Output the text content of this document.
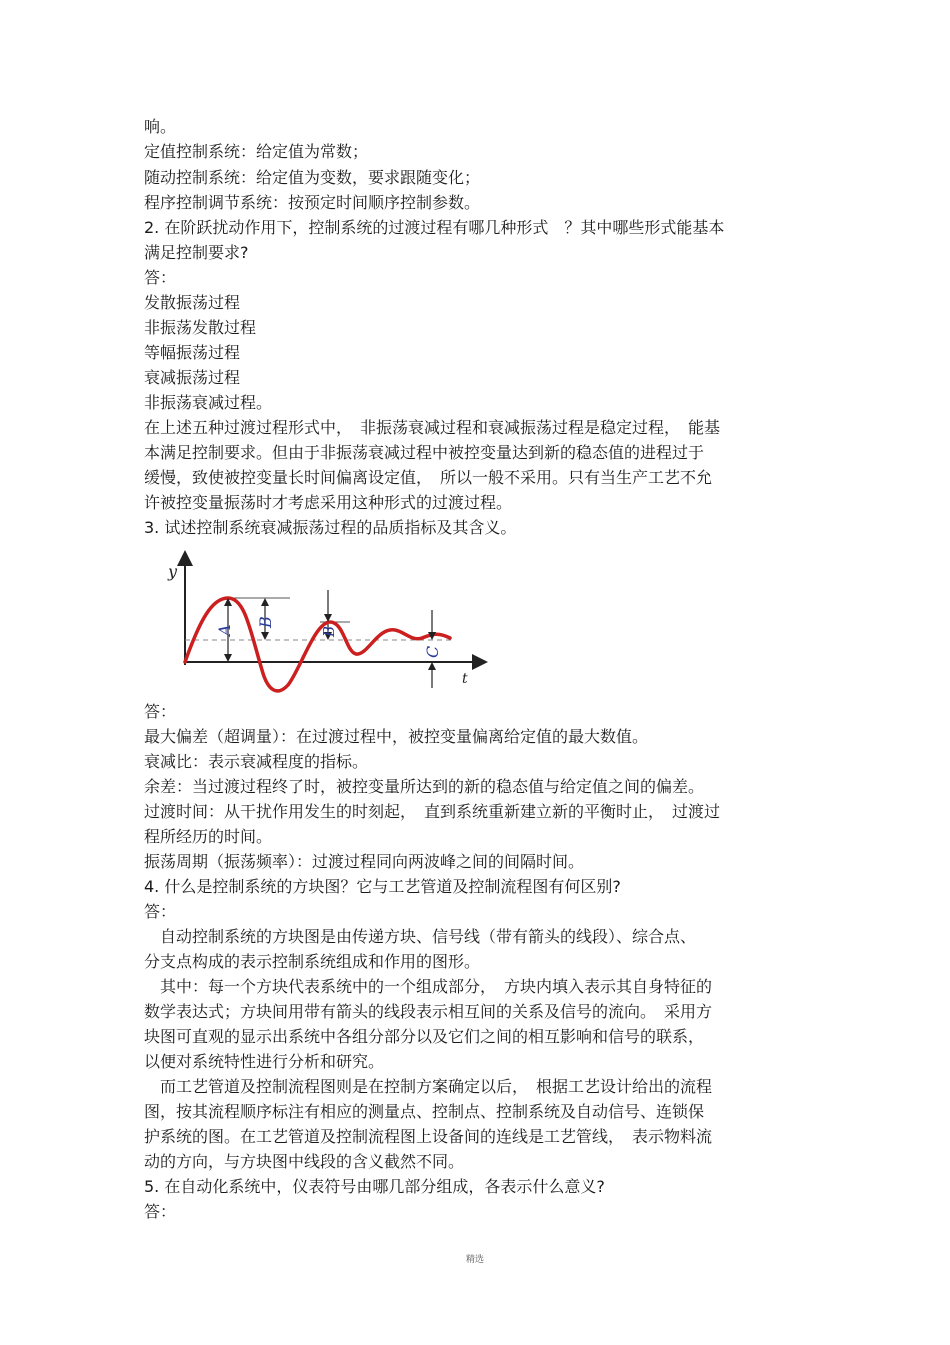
响。
定值控制系统：给定值为常数；
随动控制系统：给定值为变数，要求跟随变化；
程序控制调节系统：按预定时间顺序控制参数。
2. 在阶跃扰动作用下，控制系统的过渡过程有哪几种形式　？其中哪些形式能基本
满足控制要求?
答：
发散振荡过程
非振荡发散过程
等幅振荡过程
衰减振荡过程
非振荡衰减过程。
在上述五种过渡过程形式中，　非振荡衰减过程和衰减振荡过程是稳定过程，　能基
本满足控制要求。但由于非振荡衰减过程中被控变量达到新的稳态值的进程过于
缓慢，致使被控变量长时间偏离设定值，　所以一般不采用。只有当生产工艺不允
许被控变量振荡时才考虑采用这种形式的过渡过程。
3. 试述控制系统衰减振荡过程的品质指标及其含义。
y
t
A
B
B
C
答：
最大偏差（超调量）：在过渡过程中，被控变量偏离给定值的最大数值。
衰减比：表示衰减程度的指标。
余差：当过渡过程终了时，被控变量所达到的新的稳态值与给定值之间的偏差。
过渡时间：从干扰作用发生的时刻起，　直到系统重新建立新的平衡时止，　过渡过
程所经历的时间。
振荡周期（振荡频率）：过渡过程同向两波峰之间的间隔时间。
4. 什么是控制系统的方块图？它与工艺管道及控制流程图有何区别?
答：
自动控制系统的方块图是由传递方块、信号线（带有箭头的线段）、综合点、
分支点构成的表示控制系统组成和作用的图形。
其中：每一个方块代表系统中的一个组成部分，　方块内填入表示其自身特征的
数学表达式；方块间用带有箭头的线段表示相互间的关系及信号的流向。　采用方
块图可直观的显示出系统中各组分部分以及它们之间的相互影响和信号的联系，
以便对系统特性进行分析和研究。
而工艺管道及控制流程图则是在控制方案确定以后，　根据工艺设计给出的流程
图，按其流程顺序标注有相应的测量点、控制点、控制系统及自动信号、连锁保
护系统的图。在工艺管道及控制流程图上设备间的连线是工艺管线，　表示物料流
动的方向，与方块图中线段的含义截然不同。
5. 在自动化系统中，仪表符号由哪几部分组成，各表示什么意义?
答：
精选
